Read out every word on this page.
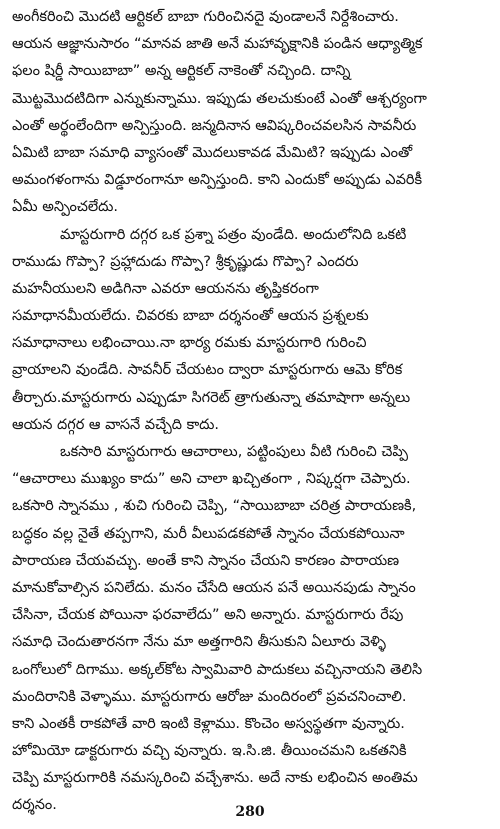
అంగీకరించి మొదటి ఆర్టికల్ బాబా గురించినదై వుండాలనే నిర్దేశించారు.
ఆయన ఆజ్ఞానుసారం “మానవ జాతి అనే మహావృక్షానికి పండిన ఆధ్యాత్మిక
ఫలం షిర్డీ సాయిబాబా” అన్న ఆర్టికల్ నాకెంతో నచ్చింది. దాన్ని
మొట్టమొదటిదిగా ఎన్నుకున్నాము. ఇప్పుడు తలచుకుంటే ఎంతో ఆశ్చర్యంగా
ఎంతో అర్థంలేందిగా అన్పిస్తుంది. జన్మదినాన ఆవిష్కరించవలసిన సావనీరు
ఏమిటి బాబా సమాధి వ్యాసంతో మొదలుకావడ మేమిటి? ఇప్పుడు ఎంతో
అమంగళంగాను విడ్డూరంగానూ అన్పిస్తుంది. కాని ఎందుకో అప్పుడు ఎవరికీ
ఏమీ అన్పించలేదు.
మాస్టరుగారి దగ్గర ఒక ప్రశ్నా పత్రం వుండేది. అందులోనిది ఒకటి
రాముడు గొప్పా? ప్రహ్లాదుడు గొప్పా? శ్రీకృష్ణుడు గొప్పా? ఎందరు
మహనీయులని అడిగినా ఎవరూ ఆయనను తృప్తికరంగా
సమాధానమీయలేదు. చివరకు బాబా దర్శనంతో ఆయన ప్రశ్నలకు
సమాధానాలు లభించాయి.నా భార్య రమకు మాస్టరుగారి గురించి
వ్రాయాలని వుండేది. సావనీర్ చేయటం ద్వారా మాస్టరుగారు ఆమె కోరిక
తీర్చారు.మాస్టరుగారు ఎప్పుడూ సిగరెట్ త్రాగుతున్నా తమాషాగా అన్నలు
ఆయన దగ్గర ఆ వాసనే వచ్చేది కాదు.
ఒకసారి మాస్టరుగారు ఆచారాలు, పట్టింపులు వీటి గురించి చెప్పి
“ఆచారాలు ముఖ్యం కాదు” అని చాలా ఖచ్చితంగా , నిష్కర్షగా చెప్పారు.
ఒకసారి స్నానము , శుచి గురించి చెప్పి, “సాయిబాబా చరిత్ర పారాయణకి,
బద్ధకం వల్ల నైతే తప్పగాని, మరీ వీలుపడకపోతే స్నానం చేయకపోయినా
పారాయణ చేయవచ్చు. అంతే కాని స్నానం చేయని కారణం పారాయణ
మానుకోవాల్సిన పనిలేదు. మనం చేసేది ఆయన పనే అయినపుడు స్నానం
చేసినా, చేయక పోయినా ఫరవాలేదు” అని అన్నారు. మాస్టరుగారు రేపు
సమాధి చెందుతారనగా నేను మా అత్తగారిని తీసుకుని ఏలూరు వెళ్ళి
ఒంగోలులో దిగాము. అక్కల్‌కోట స్వామివారి పాదుకలు వచ్చినాయని తెలిసి
మందిరానికి వెళ్ళాము. మాస్టరుగారు ఆరోజు మందిరంలో ప్రవచనించాలి.
కాని ఎంతకీ రాకపోతే వారి ఇంటి కెళ్లాము. కొంచెం అస్వస్థతగా వున్నారు.
హోమియో డాక్టరుగారు వచ్చి వున్నారు. ఇ.సి.జి. తీయించమని ఒకతనికి
చెప్పి మాస్టరుగారికి నమస్కరించి వచ్చేశాను. అదే నాకు లభించిన అంతిమ
దర్శనం.	280
